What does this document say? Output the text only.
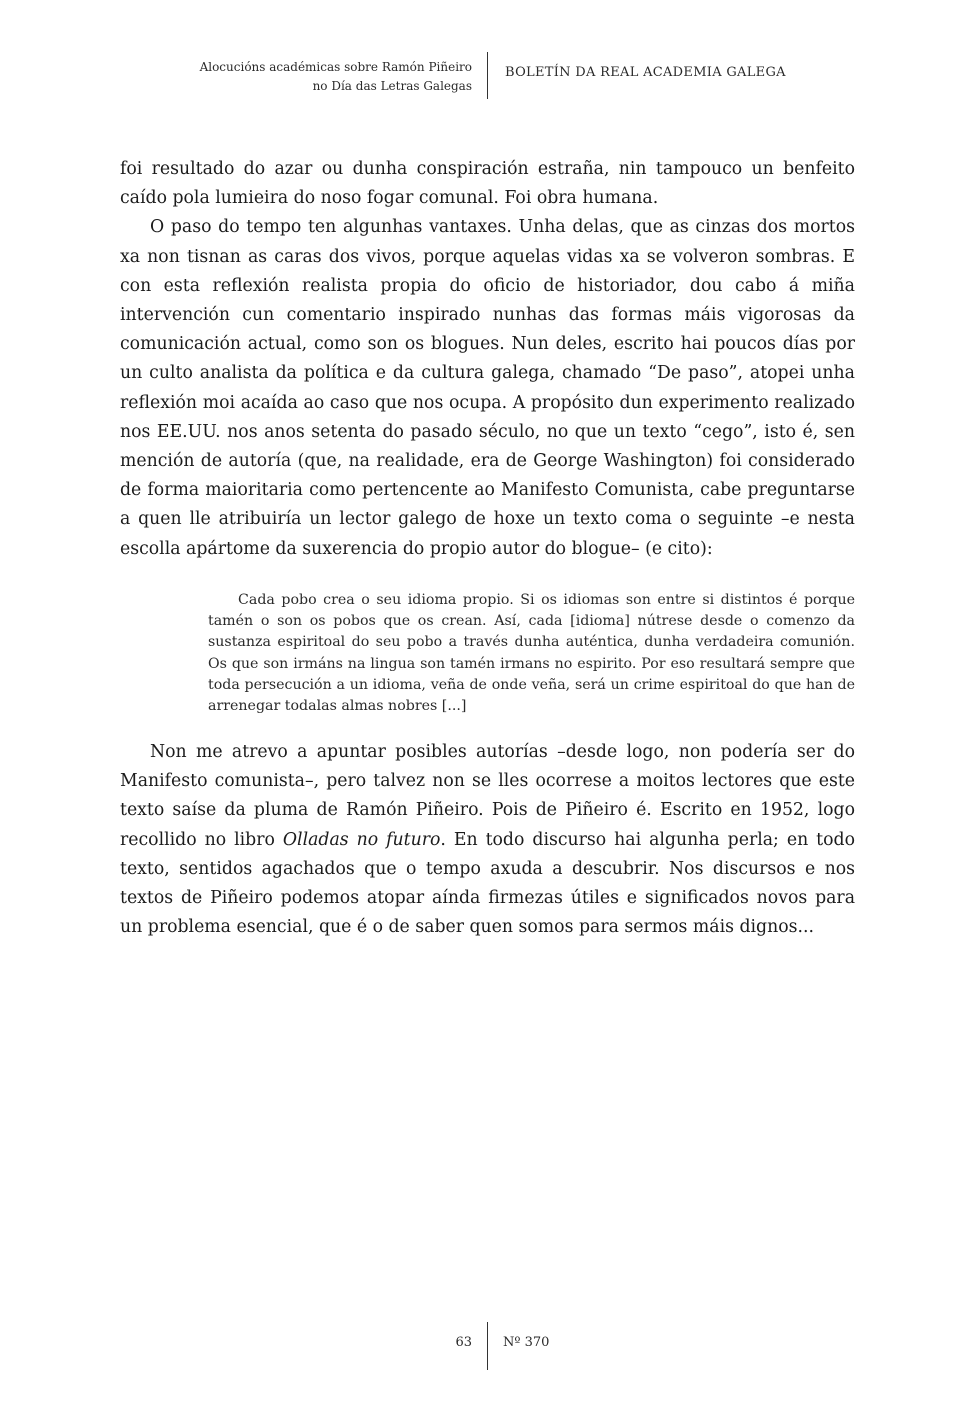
Alocucións académicas sobre Ramón Piñeiro
no Día das Letras Galegas
BOLETÍN DA REAL ACADEMIA GALEGA

foi resultado do azar ou dunha conspiración estraña, nin tampouco un benfeito caído pola lumieira do noso fogar comunal. Foi obra humana.

O paso do tempo ten algunhas vantaxes. Unha delas, que as cinzas dos mortos xa non tisnan as caras dos vivos, porque aquelas vidas xa se volveron sombras. E con esta reflexión realista propia do oficio de historiador, dou cabo á miña intervención cun comentario inspirado nunhas das formas máis vigorosas da comunicación actual, como son os blogues. Nun deles, escrito hai poucos días por un culto analista da política e da cultura galega, chamado “De paso”, atopei unha reflexión moi acaída ao caso que nos ocupa. A propósito dun experimento realizado nos EE.UU. nos anos setenta do pasado século, no que un texto “cego”, isto é, sen mención de autoría (que, na realidade, era de George Washington) foi considerado de forma maioritaria como pertencente ao Manifesto Comunista, cabe preguntarse a quen lle atribuiría un lector galego de hoxe un texto coma o seguinte –e nesta escolla apártome da suxerencia do propio autor do blogue– (e cito):

Cada pobo crea o seu idioma propio. Si os idiomas son entre si distintos é porque tamén o son os pobos que os crean. Así, cada [idioma] nútrese desde o comenzo da sustanza espiritoal do seu pobo a través dunha auténtica, dunha verdadeira comunión. Os que son irmáns na lingua son tamén irmans no espirito. Por eso resultará sempre que toda persecución a un idioma, veña de onde veña, será un crime espiritoal do que han de arrenegar todalas almas nobres [...]

Non me atrevo a apuntar posibles autorías –desde logo, non podería ser do Manifesto comunista–, pero talvez non se lles ocorrese a moitos lectores que este texto saíse da pluma de Ramón Piñeiro. Pois de Piñeiro é. Escrito en 1952, logo recollido no libro Olladas no futuro. En todo discurso hai algunha perla; en todo texto, sentidos agachados que o tempo axuda a descubrir. Nos discursos e nos textos de Piñeiro podemos atopar aínda firmezas útiles e significados novos para un problema esencial, que é o de saber quen somos para sermos máis dignos...

63 Nº 370
